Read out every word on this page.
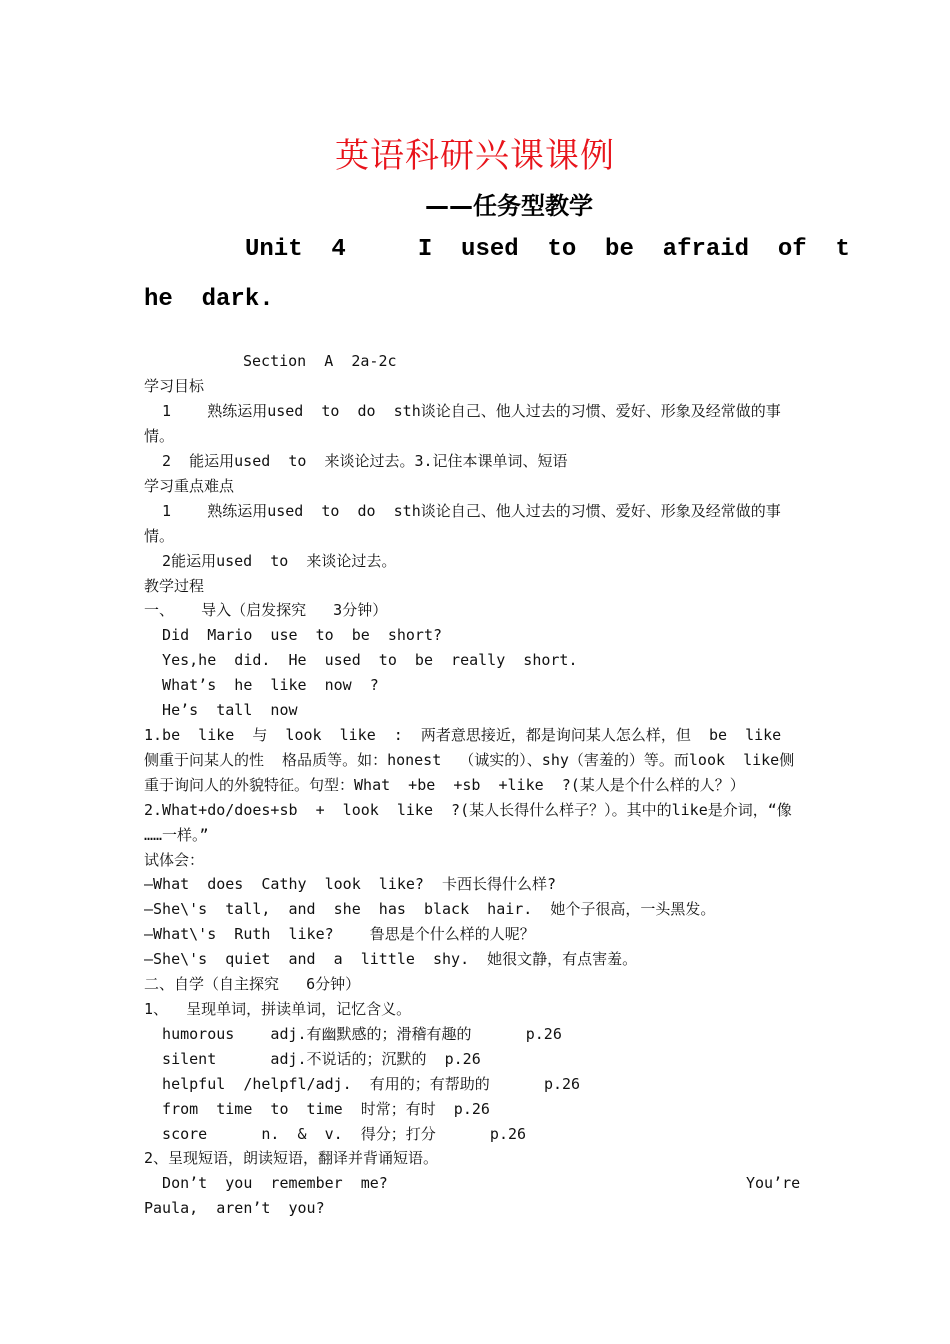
英语科研兴课课例
——任务型教学
Unit  4     I  used  to  be  afraid  of  t
he  dark.
Section  A  2a-2c
学习目标
1    熟练运用used  to  do  sth谈论自己、他人过去的习惯、爱好、形象及经常做的事
情。
2  能运用used  to  来谈论过去。3.记住本课单词、短语
学习重点难点
1    熟练运用used  to  do  sth谈论自己、他人过去的习惯、爱好、形象及经常做的事
情。
2能运用used  to  来谈论过去。
教学过程
一、   导入（启发探究   3分钟）
Did  Mario  use  to  be  short?
Yes,he  did.  He  used  to  be  really  short.
What’s  he  like  now  ?
He’s  tall  now
1.be  like  与  look  like  :  两者意思接近，都是询问某人怎么样，但  be  like
侧重于问某人的性  格品质等。如：honest  （诚实的）、shy（害羞的）等。而look  like侧
重于询问人的外貌特征。句型：What  +be  +sb  +like  ?(某人是个什么样的人？）
2.What+do/does+sb  +  look  like  ?(某人长得什么样子？）。其中的like是介词，“像
……一样。”
试体会：
—What  does  Cathy  look  like?  卡西长得什么样?
—She\'s  tall,  and  she  has  black  hair.  她个子很高，一头黑发。
—What\'s  Ruth  like?    鲁思是个什么样的人呢？
—She\'s  quiet  and  a  little  shy.  她很文静，有点害羞。
二、自学（自主探究   6分钟）
1、  呈现单词，拼读单词，记忆含义。
humorous    adj.有幽默感的；滑稽有趣的      p.26
silent      adj.不说话的；沉默的  p.26
helpful  /helpfl/adj.  有用的；有帮助的      p.26
from  time  to  time  时常；有时  p.26
score      n.  &  v.  得分；打分      p.26
2、呈现短语，朗读短语，翻译并背诵短语。
Don’t  you  remember  me?	You’re
Paula,  aren’t  you?
